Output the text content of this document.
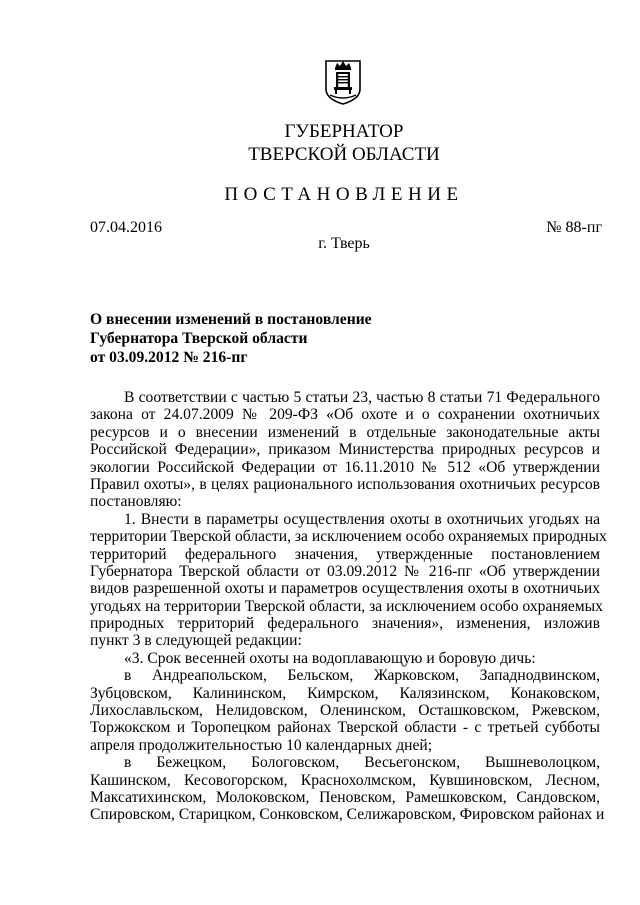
ГУБЕРНАТОР
ТВЕРСКОЙ ОБЛАСТИ
ПОСТАНОВЛЕНИЕ
07.04.2016	№ 88-пг
г. Тверь
О внесении изменений в постановление
Губернатора Тверской области
от 03.09.2012 № 216-пг
В соответствии с частью 5 статьи 23, частью 8 статьи 71 Федерального
закона от 24.07.2009 № 209-ФЗ «Об охоте и о сохранении охотничьих
ресурсов и о внесении изменений в отдельные законодательные акты
Российской Федерации», приказом Министерства природных ресурсов и
экологии Российской Федерации от 16.11.2010 № 512 «Об утверждении
Правил охоты», в целях рационального использования охотничьих ресурсов
постановляю:
1. Внести в параметры осуществления охоты в охотничьих угодьях на
территории Тверской области, за исключением особо охраняемых природных
территорий федерального значения, утвержденные постановлением
Губернатора Тверской области от 03.09.2012 № 216-пг «Об утверждении
видов разрешенной охоты и параметров осуществления охоты в охотничьих
угодьях на территории Тверской области, за исключением особо охраняемых
природных территорий федерального значения», изменения, изложив
пункт 3 в следующей редакции:
«3. Срок весенней охоты на водоплавающую и боровую дичь:
в Андреапольском, Бельском, Жарковском, Западнодвинском,
Зубцовском, Калининском, Кимрском, Калязинском, Конаковском,
Лихославльском, Нелидовском, Оленинском, Осташковском, Ржевском,
Торжокском и Торопецком районах Тверской области - с третьей субботы
апреля продолжительностью 10 календарных дней;
в Бежецком, Бологовском, Весьегонском, Вышневолоцком,
Кашинском, Кесовогорском, Краснохолмском, Кувшиновском, Лесном,
Максатихинском, Молоковском, Пеновском, Рамешковском, Сандовском,
Спировском, Старицком, Сонковском, Селижаровском, Фировском районах и
